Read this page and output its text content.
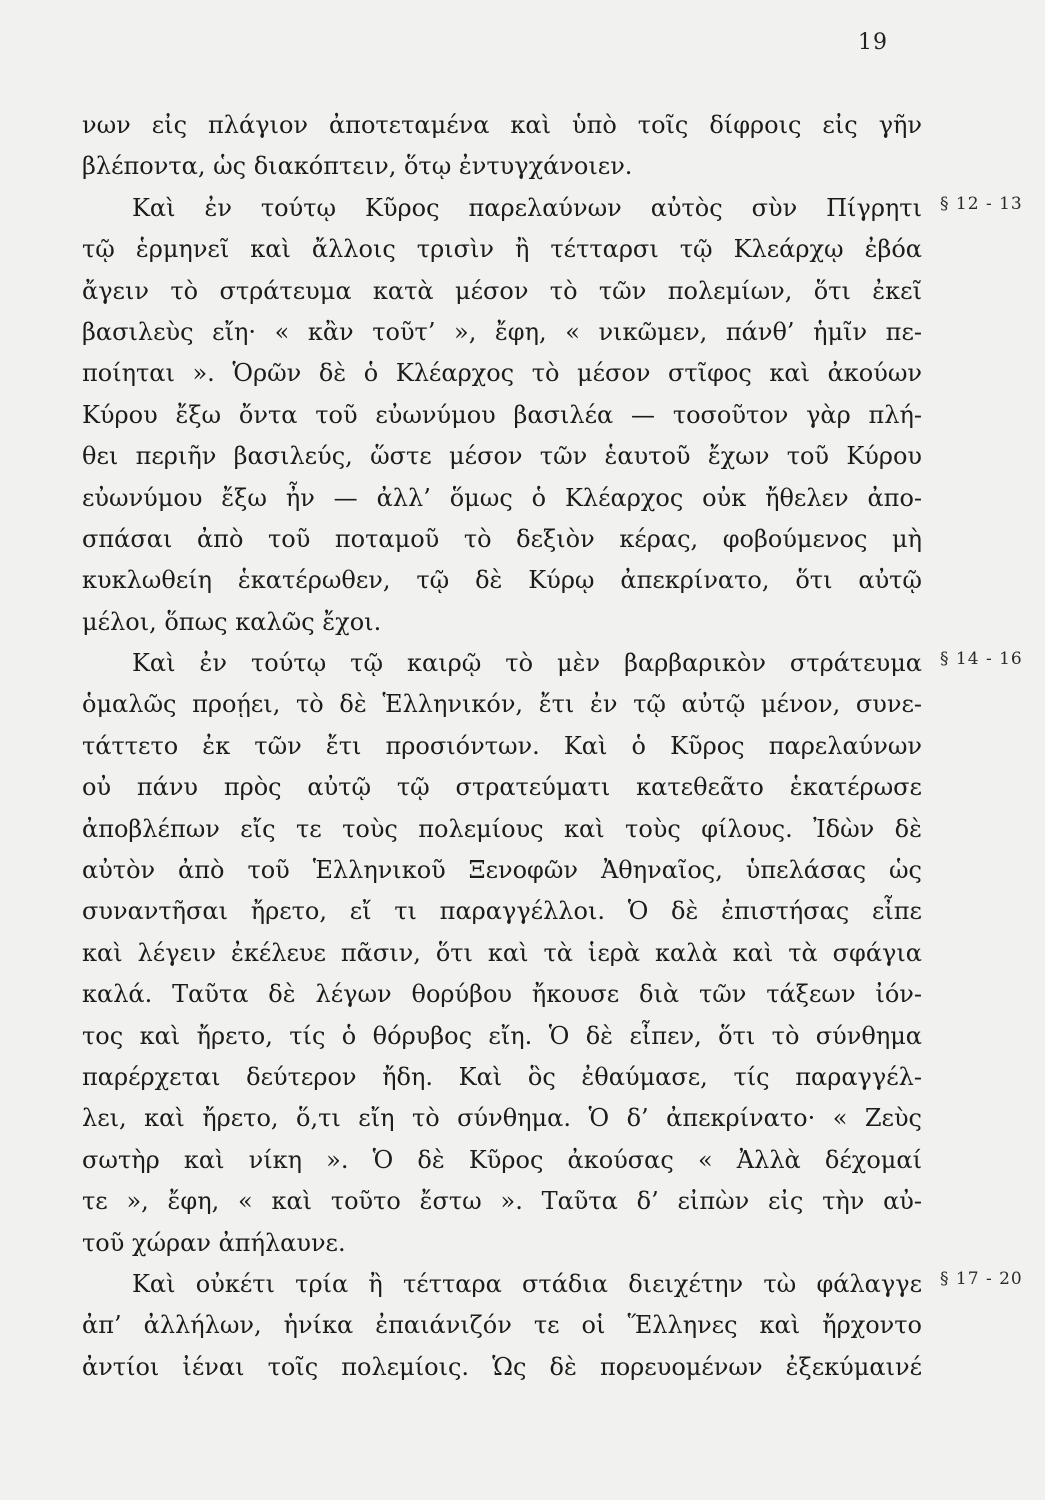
19
νων εἰς πλάγιον ἀποτεταμένα καὶ ὑπὸ τοῖς δίφροις εἰς γῆν
βλέποντα, ὡς διακόπτειν, ὅτῳ ἐντυγχάνοιεν.
Καὶ ἐν τούτῳ Κῦρος παρελαύνων αὐτὸς σὺν Πίγρητι
τῷ ἑρμηνεῖ καὶ ἄλλοις τρισὶν ἢ τέτταρσι τῷ Κλεάρχῳ ἐβόα
ἄγειν τὸ στράτευμα κατὰ μέσον τὸ τῶν πολεμίων, ὅτι ἐκεῖ
βασιλεὺς εἴη· « κἂν τοῦτ’ », ἔφη, « νικῶμεν, πάνθ’ ἡμῖν πε-
ποίηται ». Ὁρῶν δὲ ὁ Κλέαρχος τὸ μέσον στῖφος καὶ ἀκούων
Κύρου ἔξω ὄντα τοῦ εὐωνύμου βασιλέα — τοσοῦτον γὰρ πλή-
θει περιῆν βασιλεύς, ὥστε μέσον τῶν ἑαυτοῦ ἔχων τοῦ Κύρου
εὐωνύμου ἔξω ἦν — ἀλλ’ ὅμως ὁ Κλέαρχος οὐκ ἤθελεν ἀπο-
σπάσαι ἀπὸ τοῦ ποταμοῦ τὸ δεξιὸν κέρας, φοβούμενος μὴ
κυκλωθείη ἑκατέρωθεν, τῷ δὲ Κύρῳ ἀπεκρίνατο, ὅτι αὐτῷ
μέλοι, ὅπως καλῶς ἔχοι.
Καὶ ἐν τούτῳ τῷ καιρῷ τὸ μὲν βαρβαρικὸν στράτευμα
ὁμαλῶς προῄει, τὸ δὲ Ἑλληνικόν, ἔτι ἐν τῷ αὐτῷ μένον, συνε-
τάττετο ἐκ τῶν ἔτι προσιόντων. Καὶ ὁ Κῦρος παρελαύνων
οὐ πάνυ πρὸς αὐτῷ τῷ στρατεύματι κατεθεᾶτο ἑκατέρωσε
ἀποβλέπων εἴς τε τοὺς πολεμίους καὶ τοὺς φίλους. Ἰδὼν δὲ
αὐτὸν ἀπὸ τοῦ Ἑλληνικοῦ Ξενοφῶν Ἀθηναῖος, ὑπελάσας ὡς
συναντῆσαι ἤρετο, εἴ τι παραγγέλλοι. Ὁ δὲ ἐπιστήσας εἶπε
καὶ λέγειν ἐκέλευε πᾶσιν, ὅτι καὶ τὰ ἱερὰ καλὰ καὶ τὰ σφάγια
καλά. Ταῦτα δὲ λέγων θορύβου ἤκουσε διὰ τῶν τάξεων ἰόν-
τος καὶ ἤρετο, τίς ὁ θόρυβος εἴη. Ὁ δὲ εἶπεν, ὅτι τὸ σύνθημα
παρέρχεται δεύτερον ἤδη. Καὶ ὃς ἐθαύμασε, τίς παραγγέλ-
λει, καὶ ἤρετο, ὅ,τι εἴη τὸ σύνθημα. Ὁ δ’ ἀπεκρίνατο· « Ζεὺς
σωτὴρ καὶ νίκη ». Ὁ δὲ Κῦρος ἀκούσας « Ἀλλὰ δέχομαί
τε », ἔφη, « καὶ τοῦτο ἔστω ». Ταῦτα δ’ εἰπὼν εἰς τὴν αὐ-
τοῦ χώραν ἀπήλαυνε.
Καὶ οὐκέτι τρία ἢ τέτταρα στάδια διειχέτην τὼ φάλαγγε
ἀπ’ ἀλλήλων, ἡνίκα ἐπαιάνιζόν τε οἱ Ἕλληνες καὶ ἤρχοντο
ἀντίοι ἰέναι τοῖς πολεμίοις. Ὡς δὲ πορευομένων ἐξεκύμαινέ
§ 12 - 13
§ 14 - 16
§ 17 - 20
